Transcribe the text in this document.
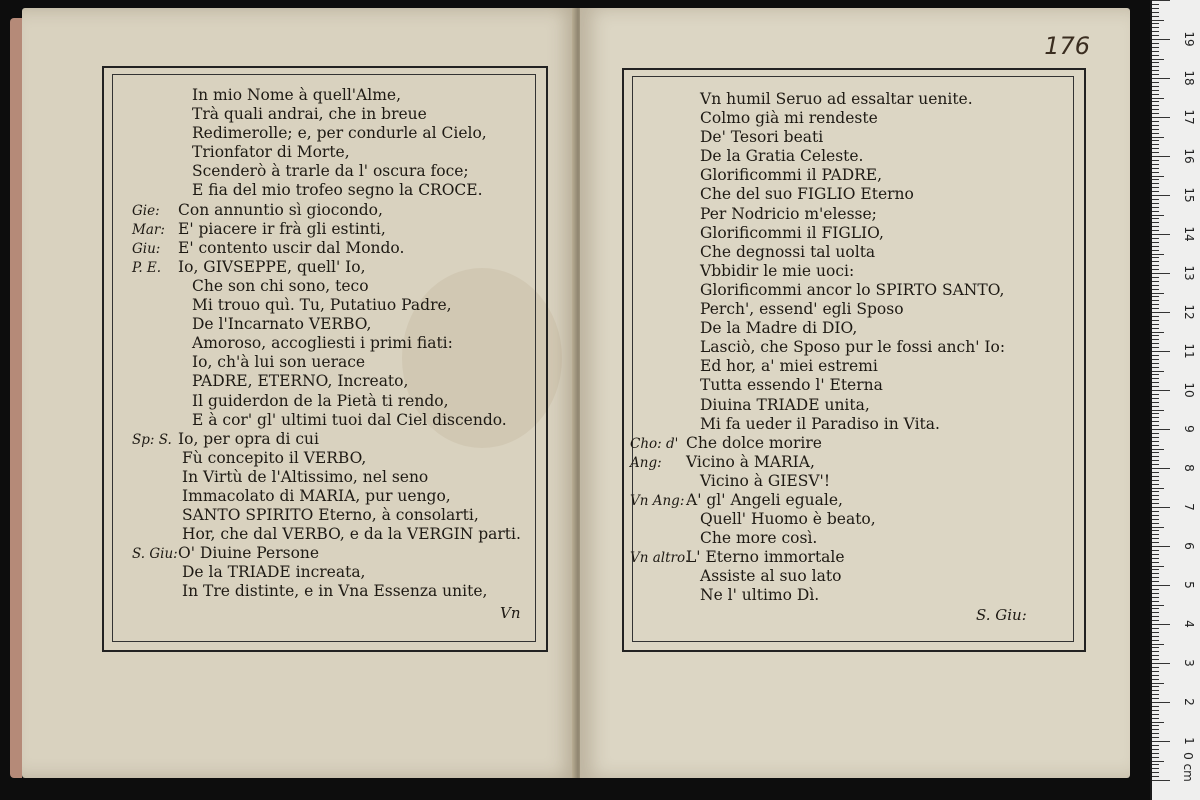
In mio Nome à quell'Alme,
Trà quali andrai, che in breue
Redimerolle; e, per condurle al Cielo,
Trionfator di Morte,
Scenderò à trarle da l' oscura foce;
E fia del mio trofeo segno la CROCE.
Gie: Con annuntio sì giocondo,
Mar: E' piacere ir frà gli estinti,
Giu: E' contento uscir dal Mondo.
P. E. Io, GIVSEPPE, quell' Io,
Che son chi sono, teco
Mi trouo quì. Tu, Putatiuo Padre,
De l'Incarnato VERBO,
Amoroso, accogliesti i primi fiati:
Io, ch'à lui son uerace
PADRE, ETERNO, Increato,
Il guiderdon de la Pietà ti rendo,
E à cor' gl' ultimi tuoi dal Ciel discendo.
Sp: S. Io, per opra di cui
Fù concepito il VERBO,
In Virtù de l'Altissimo, nel seno
Immacolato di MARIA, pur uengo,
SANTO SPIRITO Eterno, à consolarti,
Hor, che dal VERBO, e da la VERGIN parti.
S. Giu:O' Diuine Persone
De la TRIADE increata,
In Tre distinte, e in Vna Essenza unite,
Vn
176
Vn humil Seruo ad essaltar uenite.
Colmo già mi rendeste
De' Tesori beati
De la Gratia Celeste.
Glorificommi il PADRE,
Che del suo FIGLIO Eterno
Per Nodricio m'elesse;
Glorificommi il FIGLIO,
Che degnossi tal uolta
Vbbidir le mie uoci:
Glorificommi ancor lo SPIRTO SANTO,
Perch', essend' egli Sposo
De la Madre di DIO,
Lasciò, che Sposo pur le fossi anch' Io:
Ed hor, a' miei estremi
Tutta essendo l' Eterna
Diuina TRIADE unita,
Mi fa ueder il Paradiso in Vita.
Cho: d' Che dolce morire
Ang: Vicino à MARIA,
Vicino à GIESV'!
Vn Ang: A' gl' Angeli eguale,
Quell' Huomo è beato,
Che more così.
Vn altro.L' Eterno immortale
Assiste al suo lato
Ne l' ultimo Dì.
S. Giu:
0 cm
1
2
3
4
5
6
7
8
9
10
11
12
13
14
15
16
17
18
19
